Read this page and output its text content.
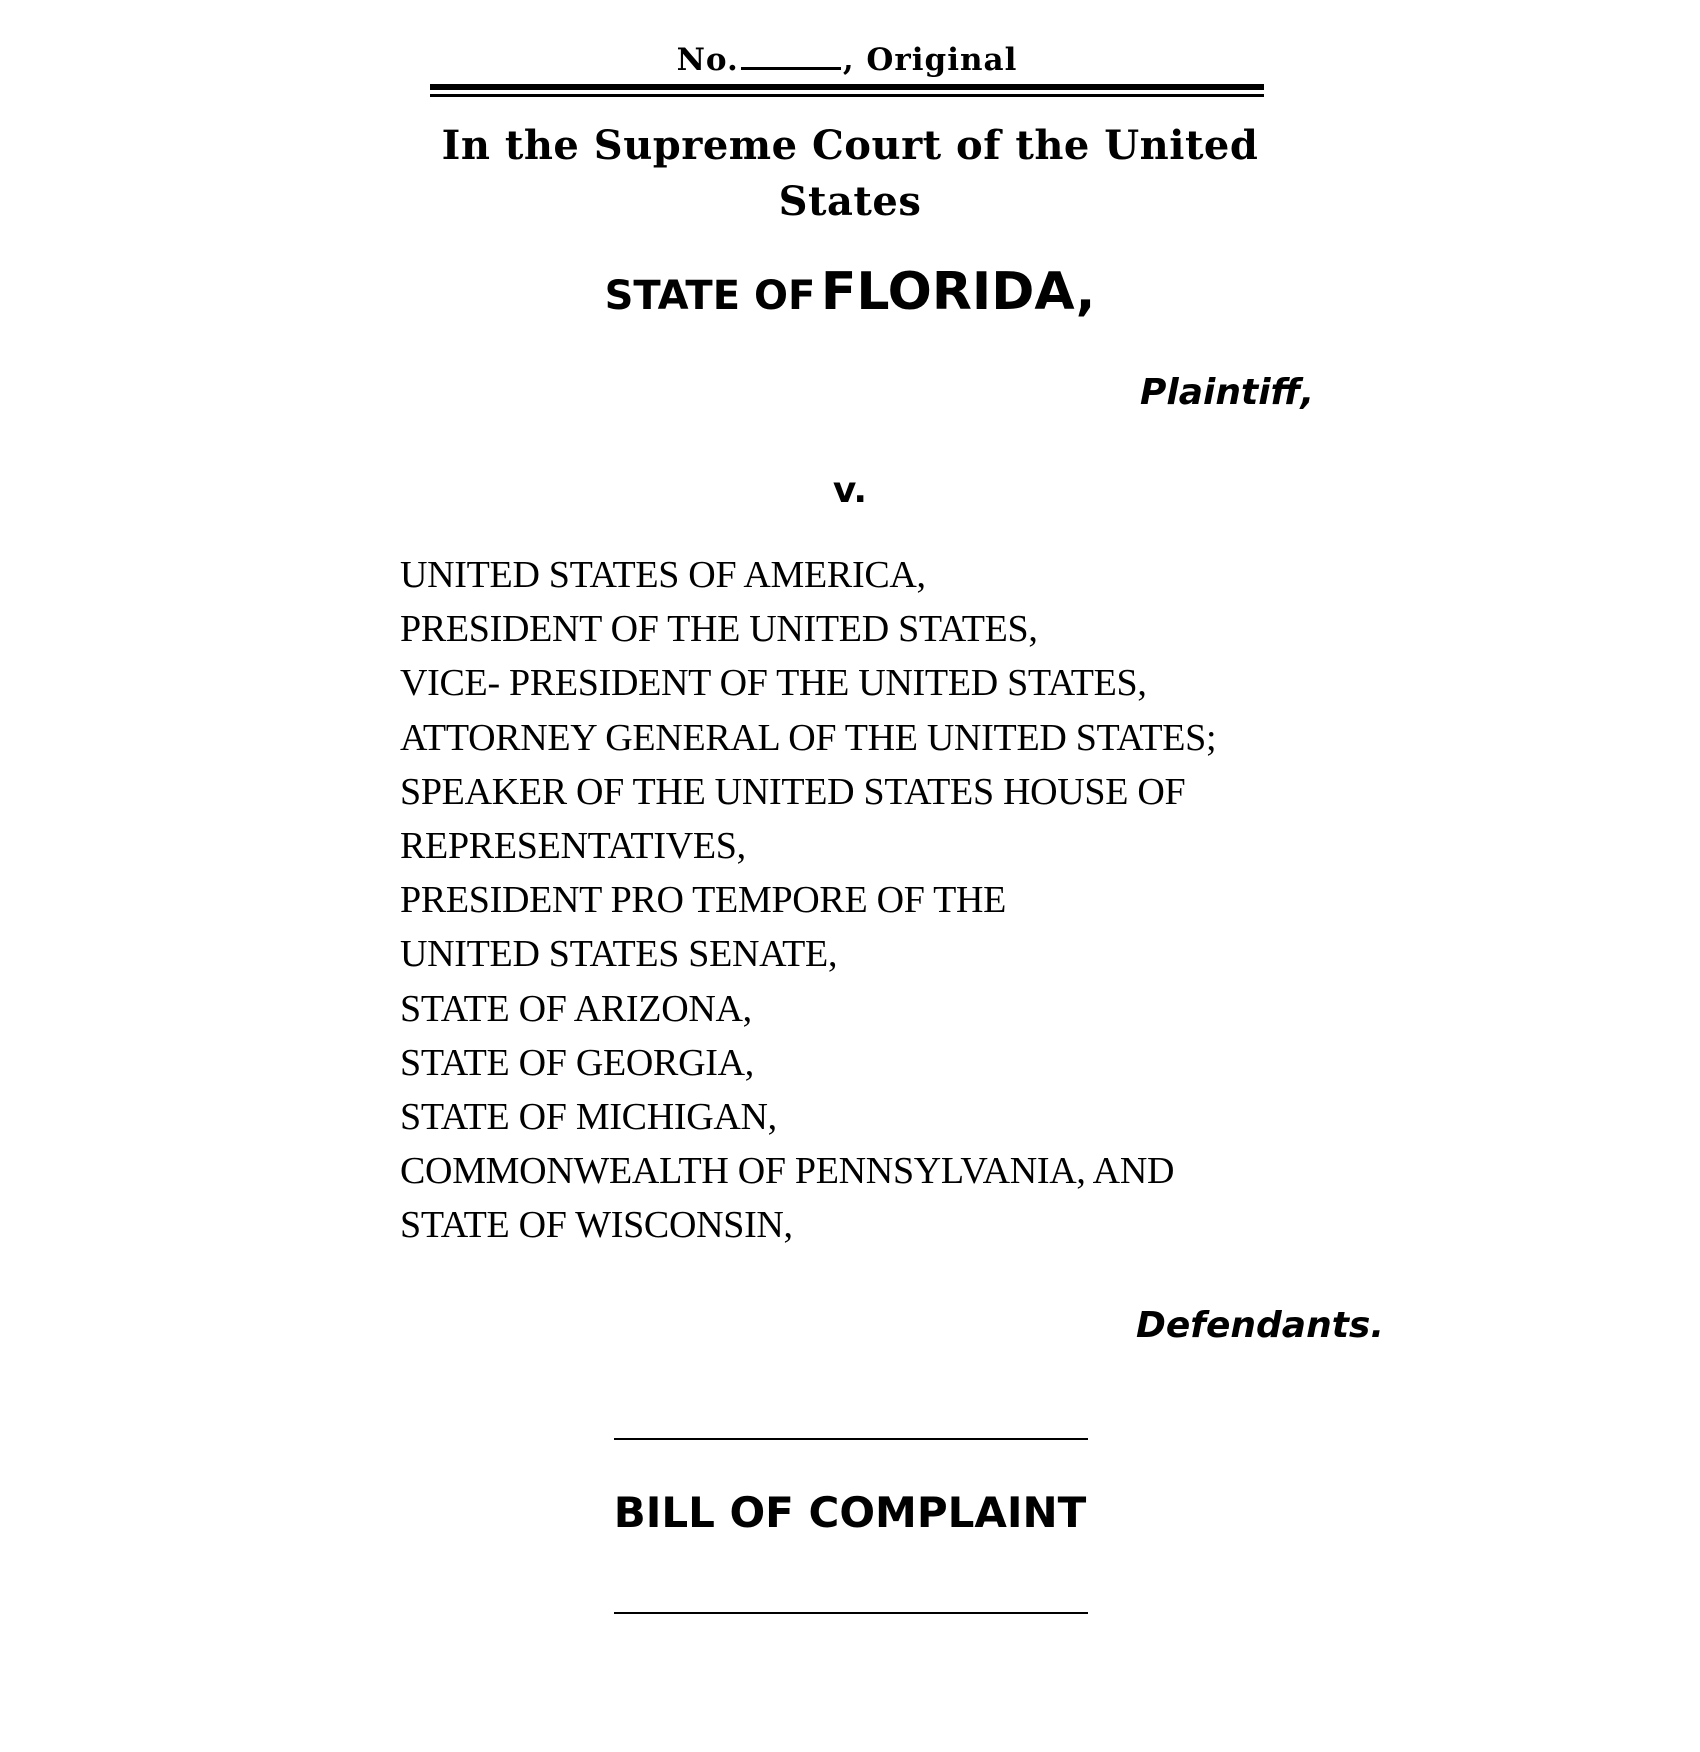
No.	, Original
In the Supreme Court of the United States
STATE OF FLORIDA,
Plaintiff,
v.
UNITED STATES OF AMERICA,
PRESIDENT OF THE UNITED STATES,
VICE- PRESIDENT OF THE UNITED STATES,
ATTORNEY GENERAL OF THE UNITED STATES;
SPEAKER OF THE UNITED STATES HOUSE OF
REPRESENTATIVES,
PRESIDENT PRO TEMPORE OF THE
UNITED STATES SENATE,
STATE OF ARIZONA,
STATE OF GEORGIA,
STATE OF MICHIGAN,
COMMONWEALTH OF PENNSYLVANIA, AND
STATE OF WISCONSIN,
Defendants.
BILL OF COMPLAINT
